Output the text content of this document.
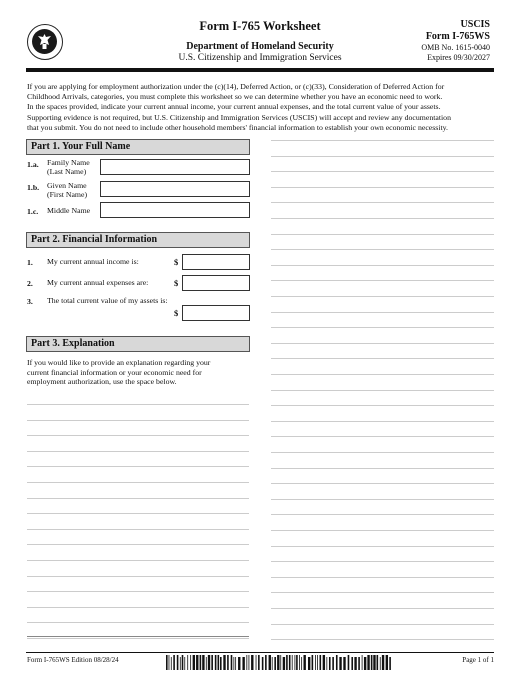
Form I-765 Worksheet
Department of Homeland Security
U.S. Citizenship and Immigration Services
USCIS
Form I-765WS
OMB No. 1615-0040
Expires 09/30/2027
If you are applying for employment authorization under the (c)(14), Deferred Action, or (c)(33), Consideration of Deferred Action for
Childhood Arrivals, categories, you must complete this worksheet so we can determine whether you have an economic need to work.
In the spaces provided, indicate your current annual income, your current annual expenses, and the total current value of your assets.
Supporting evidence is not required, but U.S. Citizenship and Immigration Services (USCIS) will accept and review any documentation
that you submit. You do not need to include other household members' financial information to establish your own economic necessity.
Part 1. Your Full Name
1.a. Family Name
(Last Name)
1.b. Given Name
(First Name)
1.c. Middle Name
Part 2. Financial Information
1. My current annual income is:	$
2. My current annual expenses are:	$
3. The total current value of my assets is:
$
Part 3. Explanation
If you would like to provide an explanation regarding your
current financial information or your economic need for
employment authorization, use the space below.
Form I-765WS Edition 08/28/24	Page 1 of 1
